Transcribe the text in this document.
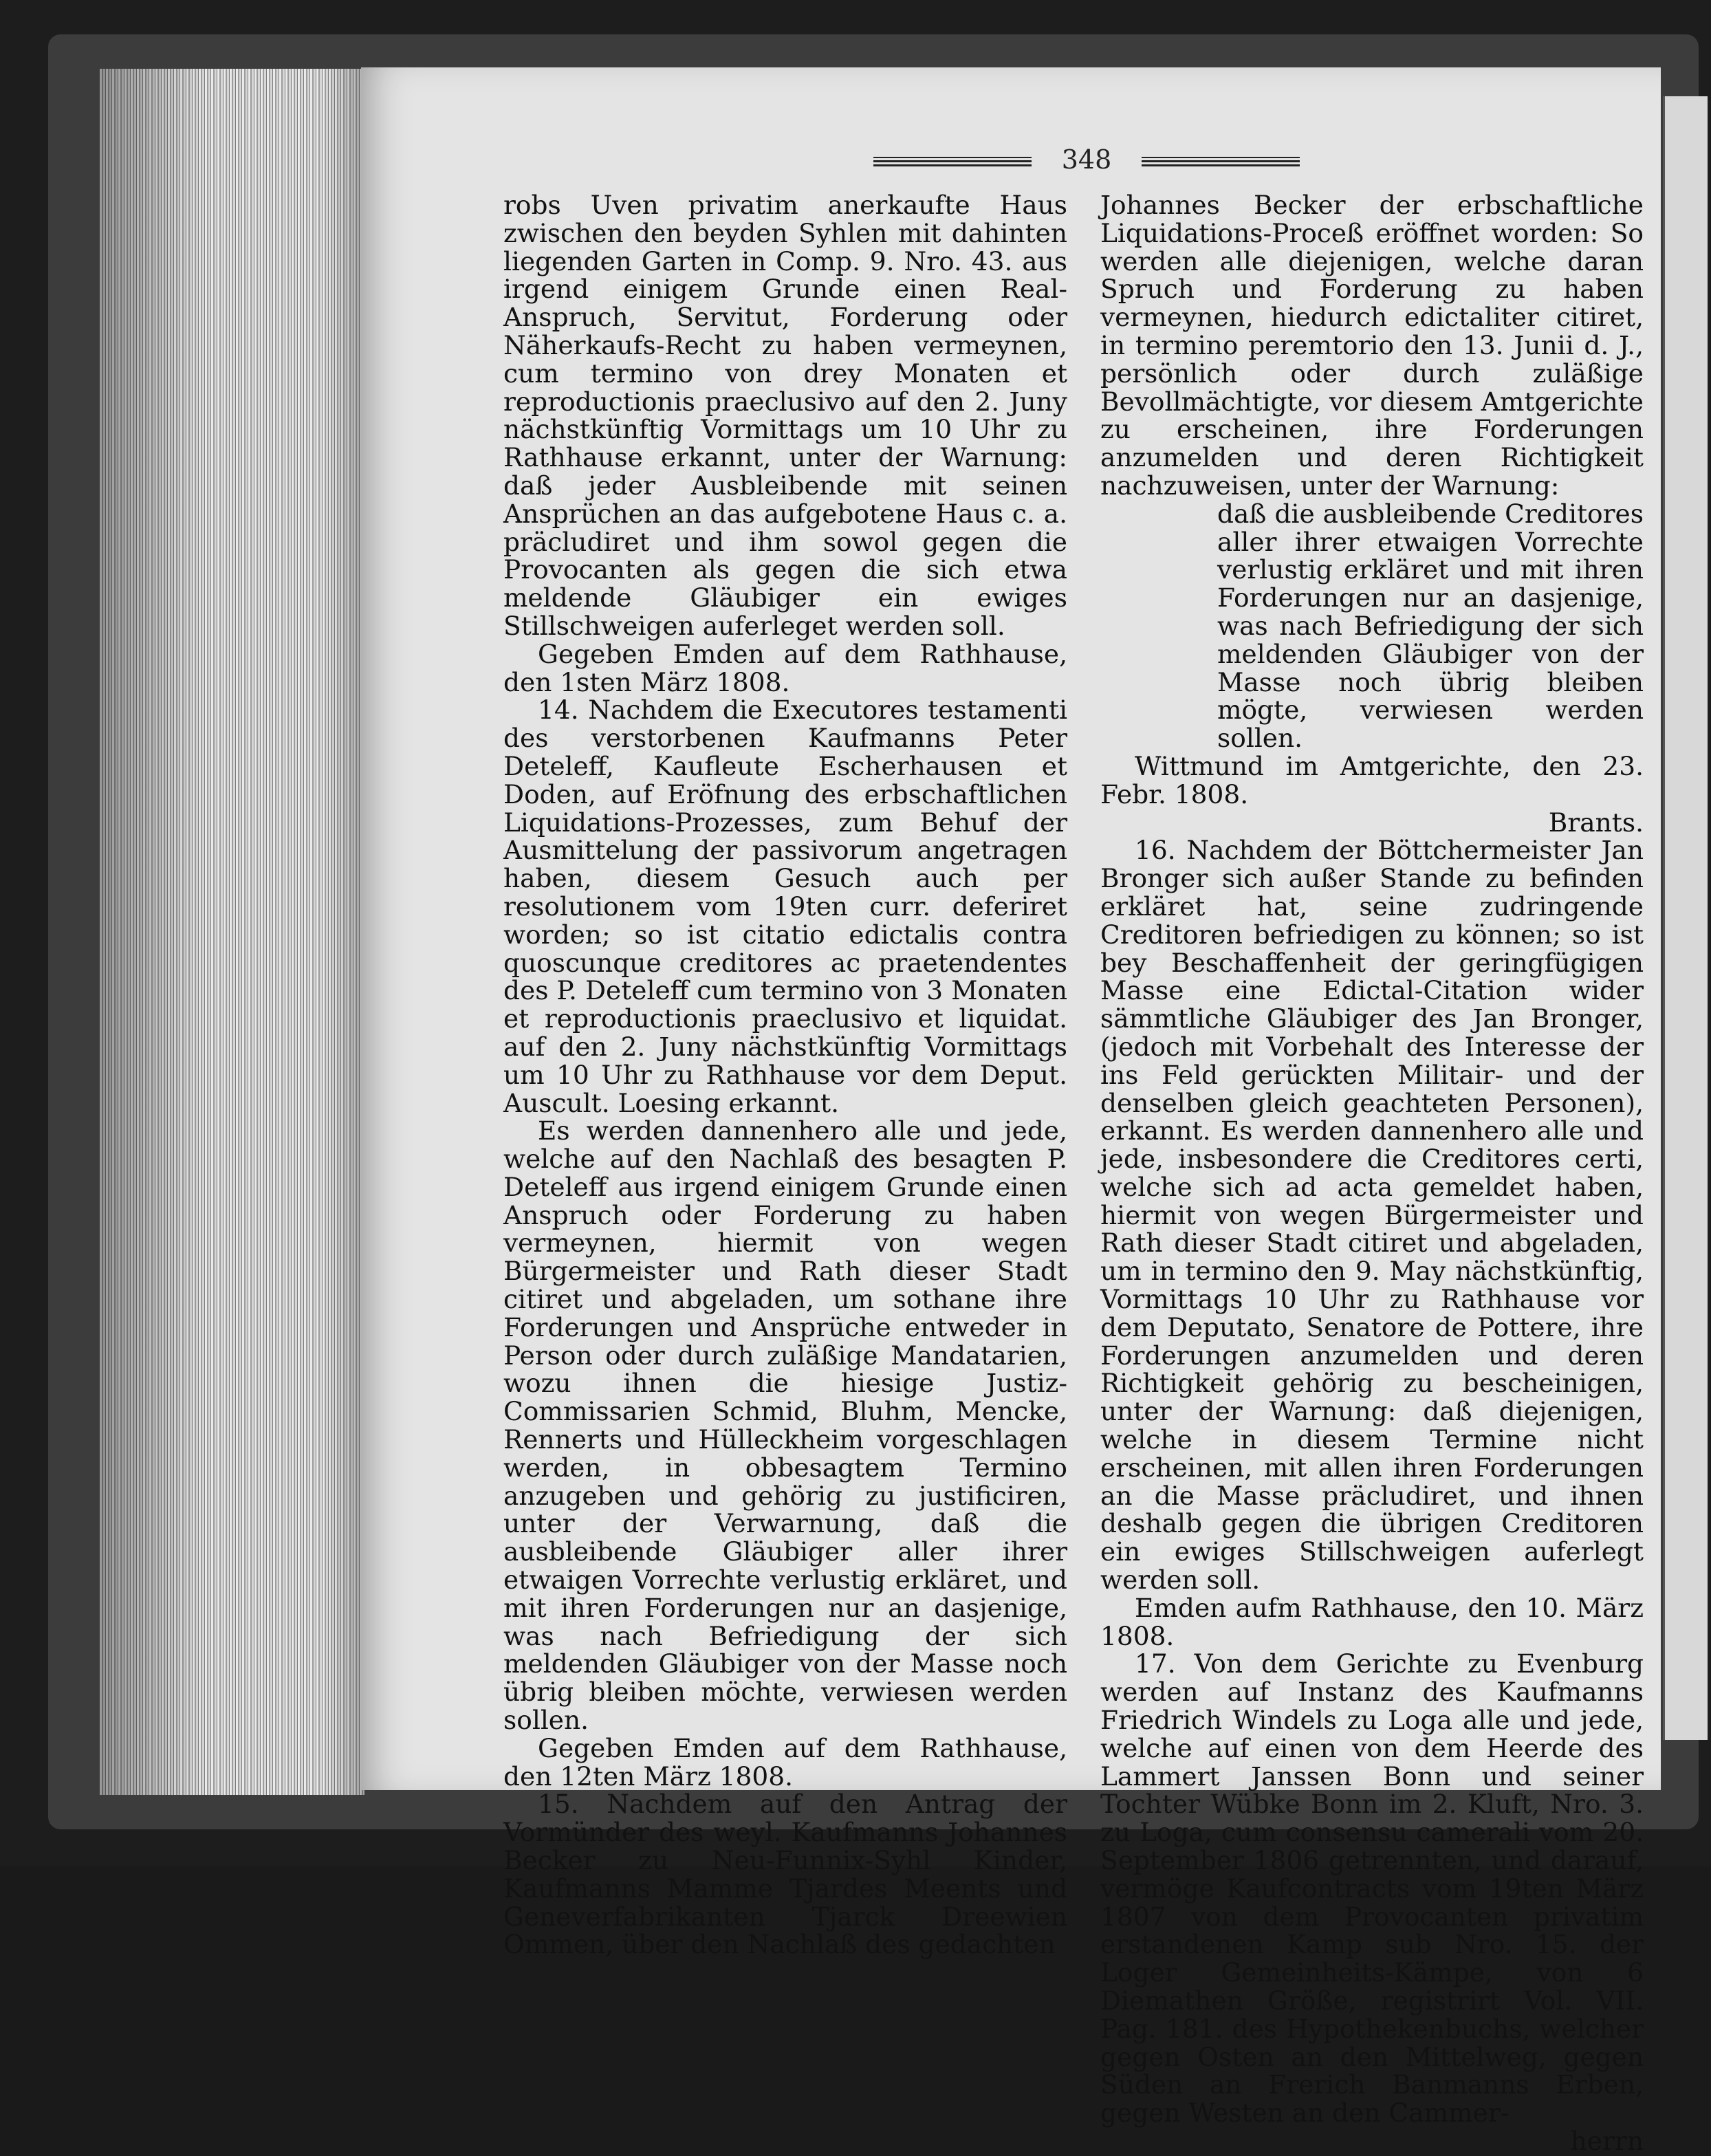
348

robs Uven privatim anerkaufte Haus zwischen den beyden Syhlen mit dahinten liegenden Garten in Comp. 9. Nro. 43. aus irgend einigem Grunde einen Real-Anspruch, Servitut, Forderung oder Näherkaufs-Recht zu haben vermeynen, cum termino von drey Monaten et reproductionis praeclusivo auf den 2. Juny nächstkünftig Vormittags um 10 Uhr zu Rathhause erkannt, unter der Warnung: daß jeder Ausbleibende mit seinen Ansprüchen an das aufgebotene Haus c. a. präcludiret und ihm sowol gegen die Provocanten als gegen die sich etwa meldende Gläubiger ein ewiges Stillschweigen auferleget werden soll.

Gegeben Emden auf dem Rathhause, den 1sten März 1808.

14. Nachdem die Executores testamenti des verstorbenen Kaufmanns Peter Deteleff, Kaufleute Escherhausen et Doden, auf Eröfnung des erbschaftlichen Liquidations-Prozesses, zum Behuf der Ausmittelung der passivorum angetragen haben, diesem Gesuch auch per resolutionem vom 19ten curr. deferiret worden; so ist citatio edictalis contra quoscunque creditores ac praetendentes des P. Deteleff cum termino von 3 Monaten et reproductionis praeclusivo et liquidat. auf den 2. Juny nächstkünftig Vormittags um 10 Uhr zu Rathhause vor dem Deput. Auscult. Loesing erkannt.

Es werden dannenhero alle und jede, welche auf den Nachlaß des besagten P. Deteleff aus irgend einigem Grunde einen Anspruch oder Forderung zu haben vermeynen, hiermit von wegen Bürgermeister und Rath dieser Stadt citiret und abgeladen, um sothane ihre Forderungen und Ansprüche entweder in Person oder durch zuläßige Mandatarien, wozu ihnen die hiesige Justiz-Commissarien Schmid, Bluhm, Mencke, Rennerts und Hülleckheim vorgeschlagen werden, in obbesagtem Termino anzugeben und gehörig zu justificiren, unter der Verwarnung, daß die ausbleibende Gläubiger aller ihrer etwaigen Vorrechte verlustig erkläret, und mit ihren Forderungen nur an dasjenige, was nach Befriedigung der sich meldenden Gläubiger von der Masse noch übrig bleiben möchte, verwiesen werden sollen.

Gegeben Emden auf dem Rathhause, den 12ten März 1808.

15. Nachdem auf den Antrag der Vormünder des weyl. Kaufmanns Johannes Becker zu Neu-Funnix-Syhl Kinder, Kaufmanns Mamme Tjardes Meents und Geneverfabrikanten Tjarck Dreewien Ommen, über den Nachlaß des gedachten

Johannes Becker der erbschaftliche Liquidations-Proceß eröffnet worden: So werden alle diejenigen, welche daran Spruch und Forderung zu haben vermeynen, hiedurch edictaliter citiret, in termino peremtorio den 13. Junii d. J., persönlich oder durch zuläßige Bevollmächtigte, vor diesem Amtgerichte zu erscheinen, ihre Forderungen anzumelden und deren Richtigkeit nachzuweisen, unter der Warnung:

daß die ausbleibende Creditores aller ihrer etwaigen Vorrechte verlustig erkläret und mit ihren Forderungen nur an dasjenige, was nach Befriedigung der sich meldenden Gläubiger von der Masse noch übrig bleiben mögte, verwiesen werden sollen.

Wittmund im Amtgerichte, den 23. Febr. 1808.

Brants.

16. Nachdem der Böttchermeister Jan Bronger sich außer Stande zu befinden erkläret hat, seine zudringende Creditoren befriedigen zu können; so ist bey Beschaffenheit der geringfügigen Masse eine Edictal-Citation wider sämmtliche Gläubiger des Jan Bronger, (jedoch mit Vorbehalt des Interesse der ins Feld gerückten Militair- und der denselben gleich geachteten Personen), erkannt. Es werden dannenhero alle und jede, insbesondere die Creditores certi, welche sich ad acta gemeldet haben, hiermit von wegen Bürgermeister und Rath dieser Stadt citiret und abgeladen, um in termino den 9. May nächstkünftig, Vormittags 10 Uhr zu Rathhause vor dem Deputato, Senatore de Pottere, ihre Forderungen anzumelden und deren Richtigkeit gehörig zu bescheinigen, unter der Warnung: daß diejenigen, welche in diesem Termine nicht erscheinen, mit allen ihren Forderungen an die Masse präcludiret, und ihnen deshalb gegen die übrigen Creditoren ein ewiges Stillschweigen auferlegt werden soll.

Emden aufm Rathhause, den 10. März 1808.

17. Von dem Gerichte zu Evenburg werden auf Instanz des Kaufmanns Friedrich Windels zu Loga alle und jede, welche auf einen von dem Heerde des Lammert Janssen Bonn und seiner Tochter Wübke Bonn im 2. Kluft, Nro. 3. zu Loga, cum consensu camerali vom 20. September 1806 getrennten, und darauf, vermöge Kaufcontracts vom 19ten März 1807 von dem Provocanten privatim erstandenen Kamp sub Nro. 15. der Loger Gemeinheits-Kämpe, von 6 Diemathen Größe, registrirt Vol. VII. Pag. 181. des Hypothekenbuchs, welcher gegen Osten an den Mittelweg, gegen Süden an Frerich Banmanns Erben, gegen Westen an den Cammer-

herrn
